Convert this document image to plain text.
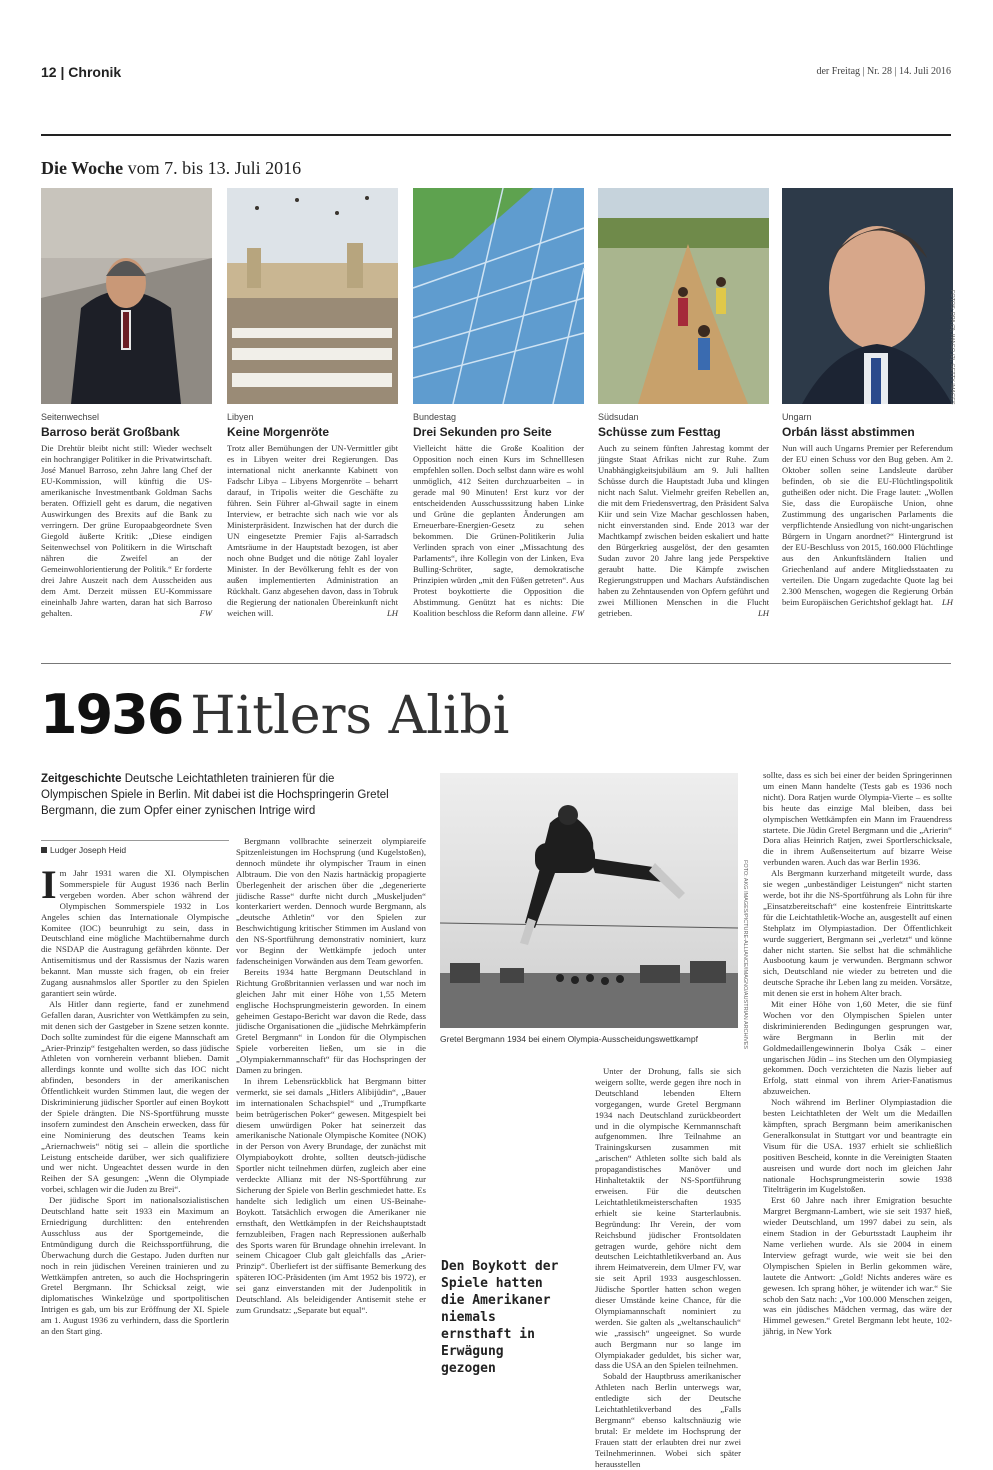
12 | Chronik	der Freitag | Nr. 28 | 14. Juli 2016
Die Woche vom 7. bis 13. Juli 2016
Seitenwechsel
Barroso berät Großbank
Die Drehtür bleibt nicht still: Wieder wechselt ein hochrangiger Politiker in die Privatwirtschaft. José Manuel Barroso, zehn Jahre lang Chef der EU-Kommission, will künftig die US-amerikanische Investmentbank Goldman Sachs beraten. Offiziell geht es darum, die negativen Auswirkungen des Brexits auf die Bank zu verringern. Der grüne Europaabgeordnete Sven Giegold äußerte Kritik: „Diese eindigen Seitenwechsel von Politikern in die Wirtschaft nähren die Zweifel an der Gemeinwohlorientierung der Politik.“ Er forderte drei Jahre Auszeit nach dem Ausscheiden aus dem Amt. Derzeit müssen EU-Kommissare eineinhalb Jahre warten, daran hat sich Barroso gehalten.	FW
Libyen
Keine Morgenröte
Trotz aller Bemühungen der UN-Vermittler gibt es in Libyen weiter drei Regierungen. Das international nicht anerkannte Kabinett von Fadschr Libya – Libyens Morgenröte – beharrt darauf, in Tripolis weiter die Geschäfte zu führen. Sein Führer al-Ghwail sagte in einem Interview, er betrachte sich nach wie vor als Ministerpräsident. Inzwischen hat der durch die UN eingesetzte Premier Fajis al-Sarradsch Amtsräume in der Hauptstadt bezogen, ist aber noch ohne Budget und die nötige Zahl loyaler Minister. In der Bevölkerung fehlt es der von außen implementierten Administration an Rückhalt. Ganz abgesehen davon, dass in Tobruk die Regierung der nationalen Übereinkunft nicht weichen will.	LH
Bundestag
Drei Sekunden pro Seite
Vielleicht hätte die Große Koalition der Opposition noch einen Kurs im Schnelllesen empfehlen sollen. Doch selbst dann wäre es wohl unmöglich, 412 Seiten durchzuarbeiten – in gerade mal 90 Minuten! Erst kurz vor der entscheidenden Ausschusssitzung haben Linke und Grüne die geplanten Änderungen am Erneuerbare-Energien-Gesetz zu sehen bekommen. Die Grünen-Politikerin Julia Verlinden sprach von einer „Missachtung des Parlaments“, ihre Kollegin von der Linken, Eva Bulling-Schröter, sagte, demokratische Prinzipien würden „mit den Füßen getreten“. Aus Protest boykottierte die Opposition die Abstimmung. Genützt hat es nichts: Die Koalition beschloss die Reform dann alleine. FW
Südsudan
Schüsse zum Festtag
Auch zu seinem fünften Jahrestag kommt der jüngste Staat Afrikas nicht zur Ruhe. Zum Unabhängigkeitsjubiläum am 9. Juli hallten Schüsse durch die Hauptstadt Juba und klingen nicht nach Salut. Vielmehr greifen Rebellen an, die mit dem Friedensvertrag, den Präsident Salva Kiir und sein Vize Machar geschlossen haben, nicht einverstanden sind. Ende 2013 war der Machtkampf zwischen beiden eskaliert und hatte den Bürgerkrieg ausgelöst, der den gesamten Sudan zuvor 20 Jahre lang jede Perspektive geraubt hatte. Die Kämpfe zwischen Regierungstruppen und Machars Aufständischen haben zu Zehntausenden von Opfern geführt und zwei Millionen Menschen in die Flucht getrieben.	LH
Ungarn
Orbán lässt abstimmen
Nun will auch Ungarns Premier per Referendum der EU einen Schuss vor den Bug geben. Am 2. Oktober sollen seine Landsleute darüber befinden, ob sie die EU-Flüchtlingspolitik gutheißen oder nicht. Die Frage lautet: „Wollen Sie, dass die Europäische Union, ohne Zustimmung des ungarischen Parlaments die verpflichtende Ansiedlung von nicht-ungarischen Bürgern in Ungarn anordnet?“ Hintergrund ist der EU-Beschluss von 2015, 160.000 Flüchtlinge aus den Ankunftsländern Italien und Griechenland auf andere Mitgliedsstaaten zu verteilen. Die Ungarn zugedachte Quote lag bei 2.300 Menschen, wogegen die Regierung Orbán beim Europäischen Gerichtshof geklagt hat. LH
FOTOS: DPA (2), IMAGO (2), GETTY IMAGES
1936 Hitlers Alibi
Zeitgeschichte Deutsche Leichtathleten trainieren für die Olympischen Spiele in Berlin. Mit dabei ist die Hochspringerin Gretel Bergmann, die zum Opfer einer zynischen Intrige wird
Ludger Joseph Heid

Im Jahr 1931 waren die XI. Olympischen Sommerspiele für August 1936 nach Berlin vergeben worden. Aber schon während der Olympischen Sommerspiele 1932 in Los Angeles schien das Internationale Olympische Komitee (IOC) beunruhigt zu sein, dass in Deutschland eine mögliche Machtübernahme durch die NSDAP die Austragung gefährden könnte. Der Antisemitismus und der Rassismus der Nazis waren bekannt. Man musste sich fragen, ob ein freier Zugang ausnahmslos aller Sportler zu den Spielen garantiert sein würde.

Als Hitler dann regierte, fand er zunehmend Gefallen daran, Ausrichter von Wettkämpfen zu sein, mit denen sich der Gastgeber in Szene setzen konnte. Doch sollte zumindest für die eigene Mannschaft am „Arier-Prinzip“ festgehalten werden, so dass jüdische Athleten von vornherein verbannt blieben. Damit allerdings konnte und wollte sich das IOC nicht abfinden, besonders in der amerikanischen Öffentlichkeit wurden Stimmen laut, die wegen der Diskriminierung jüdischer Sportler auf einen Boykott der Spiele drängten. Die NS-Sportführung musste insofern zumindest den Anschein erwecken, dass für eine Nominierung des deutschen Teams kein „Ariernachweis“ nötig sei – allein die sportliche Leistung entscheide darüber, wer sich qualifiziere und wer nicht. Ungeachtet dessen wurde in den Reihen der SA gesungen: „Wenn die Olympiade vorbei, schlagen wir die Juden zu Brei“.

Der jüdische Sport im nationalsozialistischen Deutschland hatte seit 1933 ein Maximum an Erniedrigung durchlitten: den entehrenden Ausschluss aus der Sportgemeinde, die Entmündigung durch die Reichssportführung, die Überwachung durch die Gestapo. Juden durften nur noch in rein jüdischen Vereinen trainieren und zu Wettkämpfen antreten, so auch die Hochspringerin Gretel Bergmann. Ihr Schicksal zeigt, wie diplomatisches Winkelzüge und sportpolitischen Intrigen es gab, um bis zur Eröffnung der XI. Spiele am 1. August 1936 zu verhindern, dass die Sportlerin an den Start ging.

Bergmann vollbrachte seinerzeit olympiareife Spitzenleistungen im Hochsprung (und Kugelstoßen), dennoch mündete ihr olympischer Traum in einen Albtraum. Die von den Nazis hartnäckig propagierte Überlegenheit der arischen über die „degenerierte jüdische Rasse“ durfte nicht durch „Muskeljuden“ konterkariert werden. Dennoch wurde Bergmann, als „deutsche Athletin“ vor den Spielen zur Beschwichtigung kritischer Stimmen im Ausland von den NS-Sportführung demonstrativ nominiert, kurz vor Beginn der Wettkämpfe jedoch unter fadenscheinigen Vorwänden aus dem Team geworfen.

Bereits 1934 hatte Bergmann Deutschland in Richtung Großbritannien verlassen und war noch im gleichen Jahr mit einer Höhe von 1,55 Metern englische Hochsprungmeisterin geworden. In einem geheimen Gestapo-Bericht war davon die Rede, dass jüdische Organisationen die „jüdische Mehrkämpferin Gretel Bergmann“ in London für die Olympischen Spiele vorbereiten ließen, um sie in die „Olympiakernmannschaft“ für das Hochspringen der Damen zu bringen.

In ihrem Lebensrückblick hat Bergmann bitter vermerkt, sie sei damals „Hitlers Alibijüdin“, „Bauer im internationalen Schachspiel“ und „Trumpfkarte beim betrügerischen Poker“ gewesen. Mitgespielt bei diesem unwürdigen Poker hat seinerzeit das amerikanische Nationale Olympische Komitee (NOK) in der Person von Avery Brundage, der zunächst mit Olympiaboykott drohte, sollten deutsch-jüdische Sportler nicht teilnehmen dürfen, zugleich aber eine verdeckte Allianz mit der NS-Sportführung zur Sicherung der Spiele von Berlin geschmiedet hatte. Es handelte sich lediglich um einen US-Beinahe-Boykott. Tatsächlich erwogen die Amerikaner nie ernsthaft, den Wettkämpfen in der Reichshauptstadt fernzubleiben, Fragen nach Repressionen außerhalb des Sports waren für Brundage ohnehin irrelevant. In seinem Chicagoer Club galt gleichfalls das „Arier-Prinzip“. Überliefert ist der süffisante Bemerkung des späteren IOC-Präsidenten (im Amt 1952 bis 1972), er sei ganz einverstanden mit der Judenpolitik in Deutschland. Als beleidigender Antisemit stehe er zum Grundsatz: „Separate but equal“.

FOTO: AKG IMAGES/PICTURE-ALLIANCE/IMAGNO/AUSTRIAN ARCHIVES
Gretel Bergmann 1934 bei einem Olympia-Ausscheidungswettkampf

Unter der Drohung, falls sie sich weigern sollte, werde gegen ihre noch in Deutschland lebenden Eltern vorgegangen, wurde Gretel Bergmann 1934 nach Deutschland zurückbeordert und in die olympische Kernmannschaft aufgenommen. Ihre Teilnahme an Trainingskursen zusammen mit „arischen“ Athleten sollte sich bald als propagandistisches Manöver und Hinhaltetaktik der NS-Sportführung erweisen. Für die deutschen Leichtathletikmeisterschaften 1935 erhielt sie keine Starterlaubnis. Begründung: Ihr Verein, der vom Reichsbund jüdischer Frontsoldaten getragen wurde, gehöre nicht dem deutschen Leichtathletikverband an. Aus ihrem Heimatverein, dem Ulmer FV, war sie seit April 1933 ausgeschlossen. Jüdische Sportler hatten schon wegen dieser Umstände keine Chance, für die Olympiamannschaft nominiert zu werden. Sie galten als „weltanschaulich“ wie „rassisch“ ungeeignet. So wurde auch Bergmann nur so lange im Olympiakader geduldet, bis sicher war, dass die USA an den Spielen teilnehmen.

Sobald der Hauptbruss amerikanischer Athleten nach Berlin unterwegs war, entledigte sich der Deutsche Leichtathletikverband des „Falls Bergmann“ ebenso kaltschnäuzig wie brutal: Er meldete im Hochsprung der Frauen statt der erlaubten drei nur zwei Teilnehmerinnen. Wobei sich später herausstellen

Den Boykott der Spiele hatten die Amerikaner niemals ernsthaft in Erwägung gezogen

sollte, dass es sich bei einer der beiden Springerinnen um einen Mann handelte (Tests gab es 1936 noch nicht). Dora Ratjen wurde Olympia-Vierte – es sollte bis heute das einzige Mal bleiben, dass bei olympischen Wettkämpfen ein Mann im Frauendress startete. Die Jüdin Gretel Bergmann und die „Arierin“ Dora alias Heinrich Ratjen, zwei Sportlerschicksale, die in ihrem Außenseitertum auf bizarre Weise verbunden waren. Auch das war Berlin 1936.

Als Bergmann kurzerhand mitgeteilt wurde, dass sie wegen „unbeständiger Leistungen“ nicht starten werde, bot ihr die NS-Sportführung als Lohn für ihre „Einsatzbereitschaft“ eine kostenfreie Eintrittskarte für die Leichtathletik-Woche an, ausgestellt auf einen Stehplatz im Olympiastadion. Der Öffentlichkeit wurde suggeriert, Bergmann sei „verletzt“ und könne daher nicht starten. Sie selbst hat die schmähliche Ausbootung kaum je verwunden. Bergmann schwor sich, Deutschland nie wieder zu betreten und die deutsche Sprache ihr Leben lang zu meiden. Vorsätze, mit denen sie erst in hohem Alter brach.

Mit einer Höhe von 1,60 Meter, die sie fünf Wochen vor den Olympischen Spielen unter diskriminierenden Bedingungen gesprungen war, wäre Bergmann in Berlin mit der Goldmedaillengewinnerin Ibolya Csák – einer ungarischen Jüdin – ins Stechen um den Olympiasieg gekommen. Doch verzichteten die Nazis lieber auf Erfolg, statt einmal von ihrem Arier-Fanatismus abzuweichen.

Noch während im Berliner Olympiastadion die besten Leichtathleten der Welt um die Medaillen kämpften, sprach Bergmann beim amerikanischen Generalkonsulat in Stuttgart vor und beantragte ein Visum für die USA. 1937 erhielt sie schließlich positiven Bescheid, konnte in die Vereinigten Staaten ausreisen und wurde dort noch im gleichen Jahr nationale Hochsprungmeisterin sowie 1938 Titelträgerin im Kugelstoßen.

Erst 60 Jahre nach ihrer Emigration besuchte Margret Bergmann-Lambert, wie sie seit 1937 hieß, wieder Deutschland, um 1997 dabei zu sein, als einem Stadion in der Geburtsstadt Laupheim ihr Name verliehen wurde. Als sie 2004 in einem Interview gefragt wurde, wie weit sie bei den Olympischen Spielen in Berlin gekommen wäre, lautete die Antwort: „Gold! Nichts anderes wäre es gewesen. Ich sprang höher, je wütender ich war.“ Sie schob den Satz nach: „Vor 100.000 Menschen zeigen, was ein jüdisches Mädchen vermag, das wäre der Himmel gewesen.“ Gretel Bergmann lebt heute, 102-jährig, in New York
